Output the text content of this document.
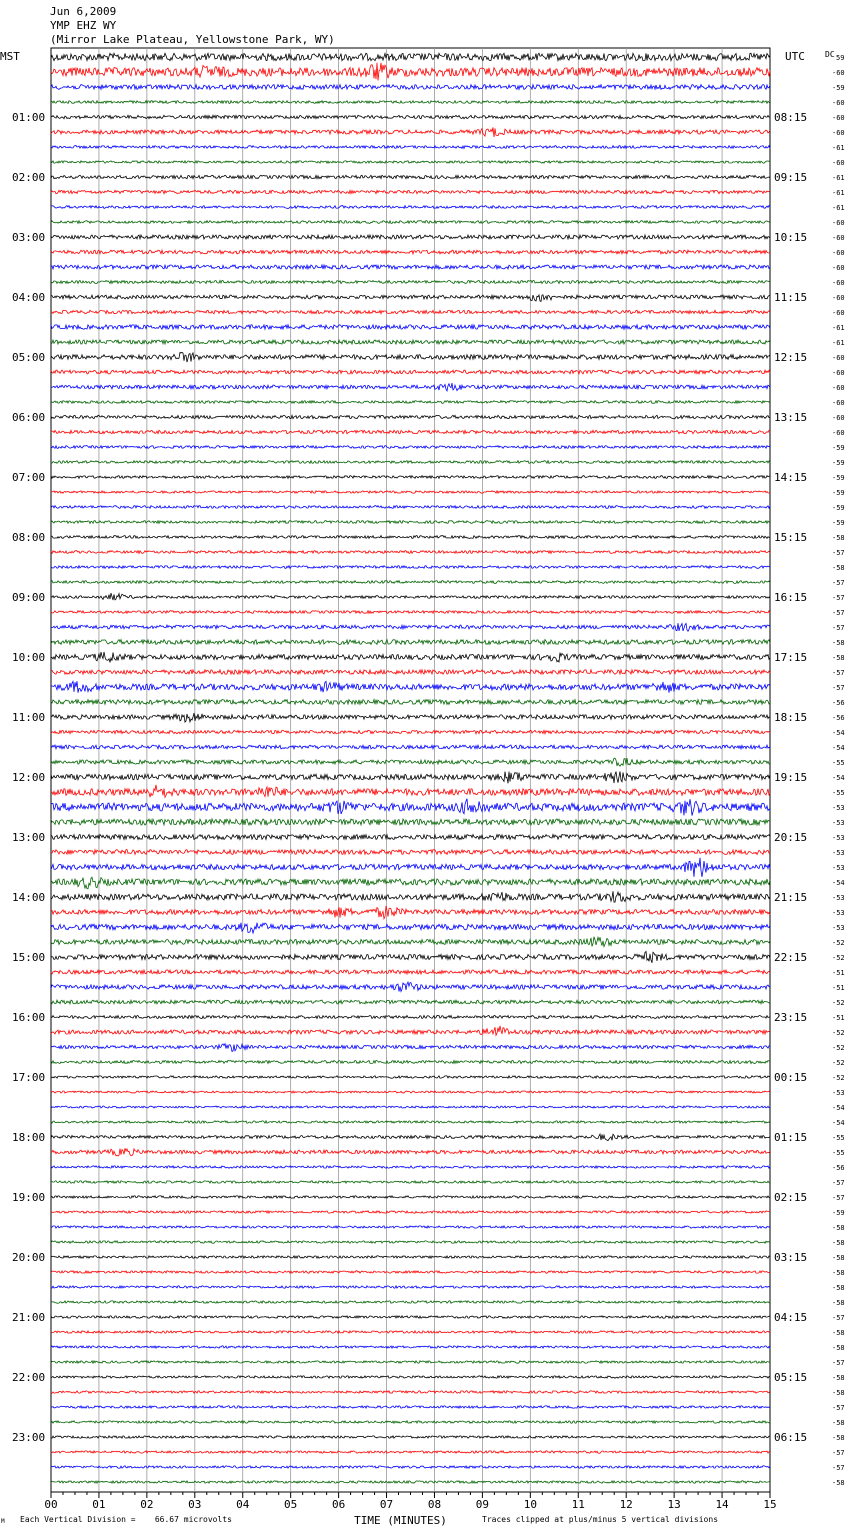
Jun 6,2009
YMP EHZ WY
(Mirror Lake Plateau, Yellowstone Park, WY)
MST	UTC	DC
00	01	02	03	04	05	06	07	08	09	10	11	12	13	14	15
TIME (MINUTES)
59
-60
-59
-60
-60
-60
-61
-60
-61
-61
-61
-60
-60
-60
-60
-60
-60
-60
-61
-61
-60
-60
-60
-60
-60
-60
-59
-59
-59
-59
-59
-59
-58
-57
-58
-57
-57
-57
-57
-58
-58
-57
-57
-56
-56
-54
-54
-55
-54
-55
-53
-53
-53
-53
-53
-54
-53
-53
-53
-52
-52
-51
-51
-52
-51
-52
-52
-52
-52
-53
-54
-54
-55
-55
-56
-57
-57
-59
-58
-58
-58
-58
-58
-58
-57
-58
-58
-57
-58
-58
-57
-58
-58
-57
-57
-58
01:00
02:00
03:00
04:00
05:00
06:00
07:00
08:00
09:00
10:00
11:00
12:00
13:00
14:00
15:00
16:00
17:00
18:00
19:00
20:00
21:00
22:00
23:00
08:15
09:15
10:15
11:15
12:15
13:15
14:15
15:15
16:15
17:15
18:15
19:15
20:15
21:15
22:15
23:15
00:15
01:15
02:15
03:15
04:15
05:15
06:15
M Each Vertical Division =    66.67 microvolts	Traces clipped at plus/minus 5 vertical divisions
